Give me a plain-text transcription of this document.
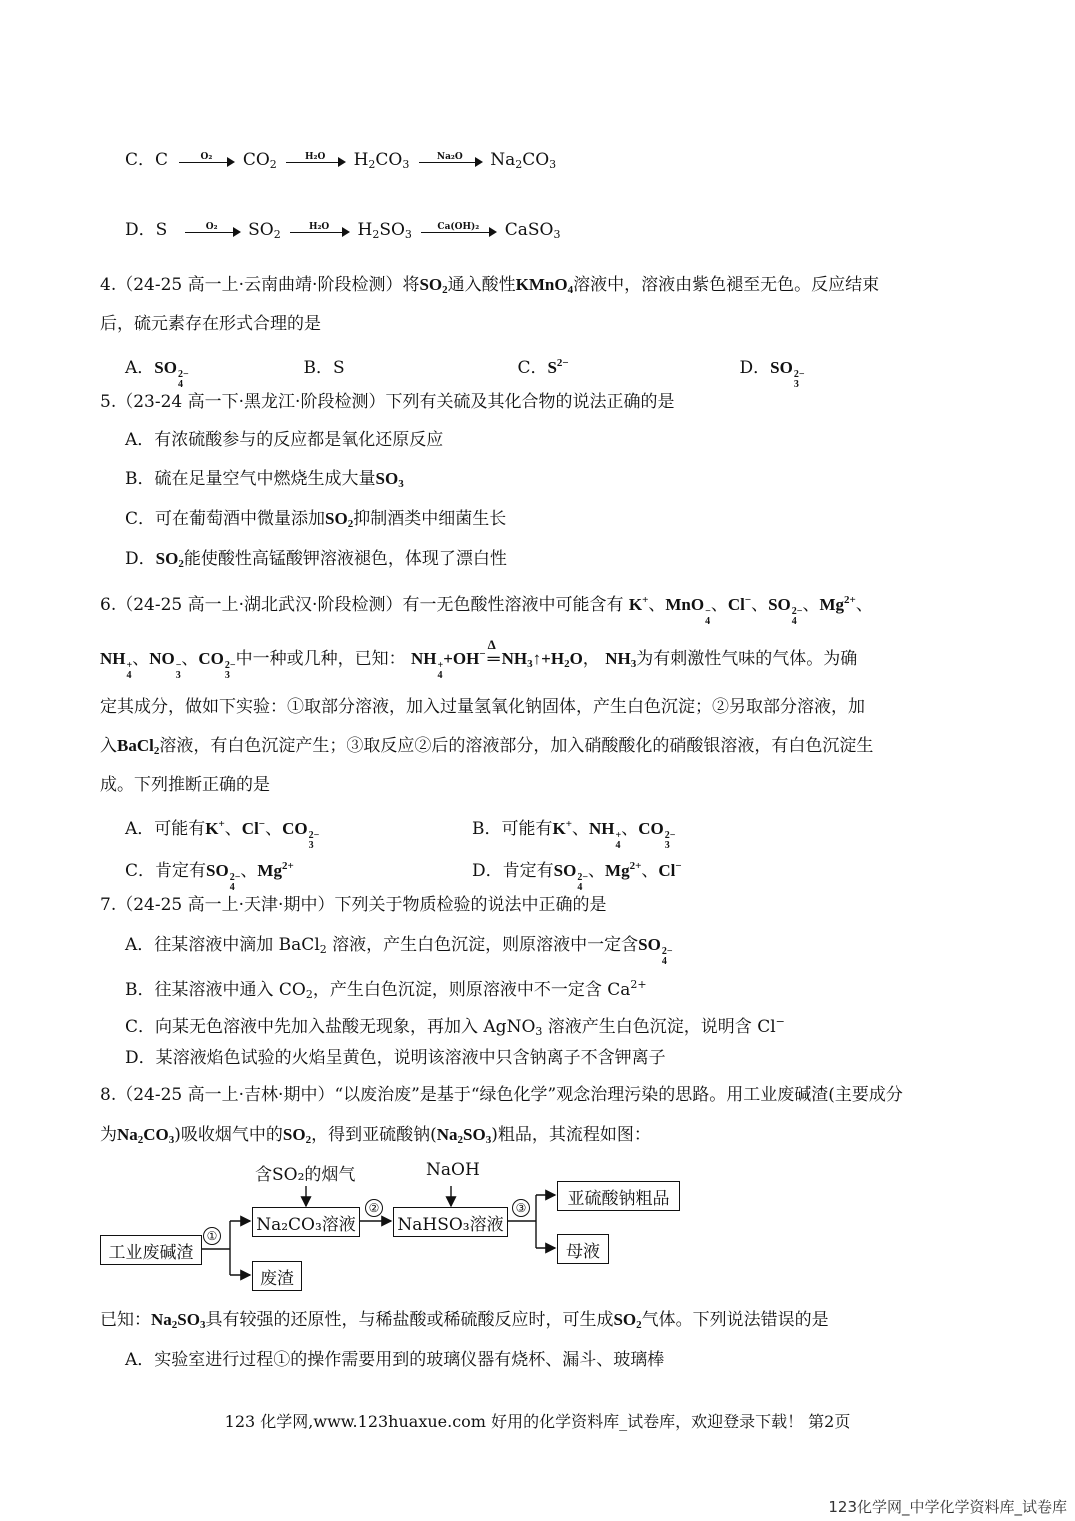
C．C	O₂	$CO_2$
H₂O	$H_2CO_3$
Na₂O	$Na_2CO_3$
D．S	O₂	$SO_2$
H₂O	$H_2SO_3$
Ca(OH)₂	CaSO$_3$
4.（24-25 高一上·云南曲靖·阶段检测）将$SO_2$通入酸性KMnO$_4$溶液中，溶液由紫色褪至无色。反应结束
后，硫元素存在形式合理的是
A．SO 2−
4
B．S	C．$S^{2-}$	D．SO 2−
3
5.（23-24 高一下·黑龙江·阶段检测）下列有关硫及其化合物的说法正确的是
A．有浓硫酸参与的反应都是氧化还原反应
B．硫在足量空气中燃烧生成大量$SO_3$
C．可在葡萄酒中微量添加$SO_2$抑制酒类中细菌生长
D．$SO_2$能使酸性高锰酸钾溶液褪色，体现了漂白性
6.（24-25 高一上·湖北武汉·阶段检测）有一无色酸性溶液中可能含有 K+、MnO −
4
、Cl−、SO 2−
4
、$Mg^{2+}$、
NH +
4
、NO −
3
、CO 2−
3
中一种或几种，已知： NH +
4
+OH−
Δ
═ $NH_3↑+H_2O$， $NH_3$为有刺激性气味的气体。为确
定其成分，做如下实验：①取部分溶液，加入过量氢氧化钠固体，产生白色沉淀；②另取部分溶液，加
入BaCl$_2$溶液，有白色沉淀产生；③取反应②后的溶液部分，加入硝酸酸化的硝酸银溶液，有白色沉淀生
成。下列推断正确的是
A．可能有K+、Cl−、CO 2−
3
B．可能有K+、NH +
4
、CO 2−
3
C．肯定有SO 2−
4
、$Mg^{2+}$	D．肯定有SO 2−
4
、$Mg^{2+}$、Cl−
7.（24-25 高一上·天津·期中）下列关于物质检验的说法中正确的是
A．往某溶液中滴加 BaCl$_2$ 溶液，产生白色沉淀，则原溶液中一定含SO 2−
4
B．往某溶液中通入 $CO_2$，产生白色沉淀，则原溶液中不一定含 $Ca^{2+}$
C．向某无色溶液中先加入盐酸无现象，再加入 AgNO$_3$ 溶液产生白色沉淀，说明含 Cl−
D．某溶液焰色试验的火焰呈黄色，说明该溶液中只含钠离子不含钾离子
8.（24-25 高一上·吉林·期中）“以废治废”是基于“绿色化学”观念治理污染的思路。用工业废碱渣(主要成分
为$Na_2CO_3$)吸收烟气中的$SO_2$，得到亚硫酸钠$(Na_2SO_3)$粗品，其流程如图：
含SO₂的烟气	NaOH
工业废碱渣
①
Na₂CO₃溶液
废渣
②
NaHSO₃溶液
③	亚硫酸钠粗品
母液
已知：$Na_2SO_3$具有较强的还原性，与稀盐酸或稀硫酸反应时，可生成$SO_2$气体。下列说法错误的是
A．实验室进行过程①的操作需要用到的玻璃仪器有烧杯、漏斗、玻璃棒
123 化学网,www.123huaxue.com 好用的化学资料库_试卷库，欢迎登录下载！ 第2页
123化学网_中学化学资料库_试卷库
